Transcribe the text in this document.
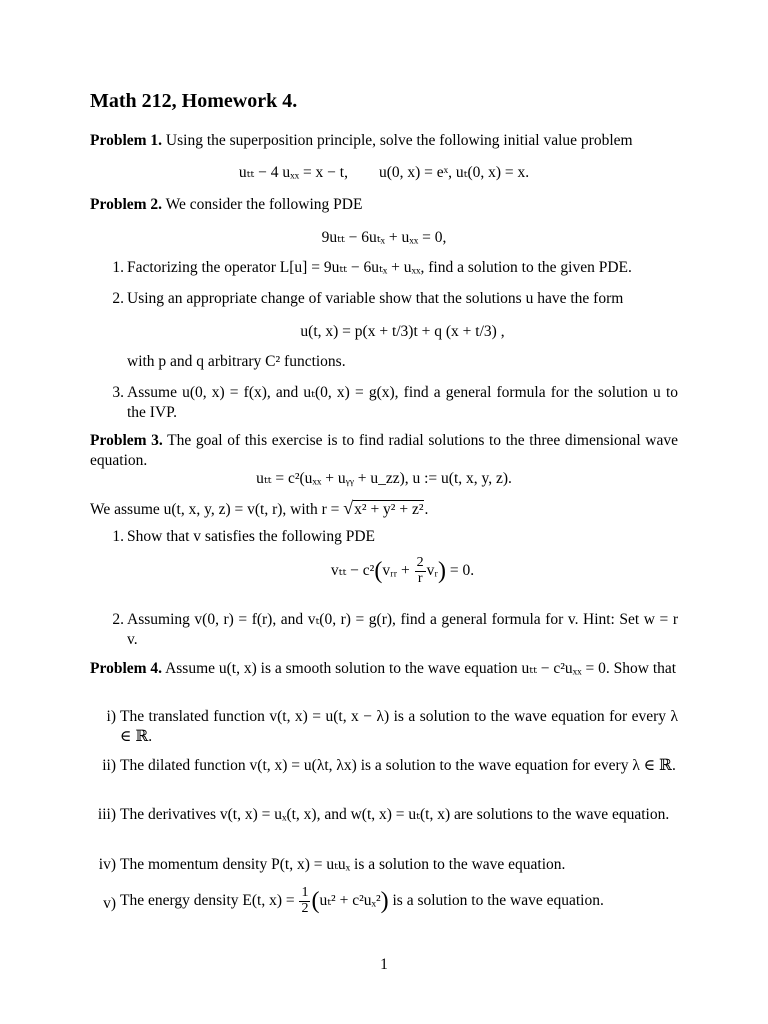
Math 212, Homework 4.
Problem 1. Using the superposition principle, solve the following initial value problem
uₜₜ − 4 uₓₓ = x − t,        u(0, x) = eˣ, uₜ(0, x) = x.
Problem 2. We consider the following PDE
9uₜₜ − 6uₜₓ + uₓₓ = 0,
1. Factorizing the operator L[u] = 9uₜₜ − 6uₜₓ + uₓₓ, find a solution to the given PDE.
2. Using an appropriate change of variable show that the solutions u have the form
u(t, x) = p(x + t/3)t + q (x + t/3) ,
with p and q arbitrary C² functions.
3. Assume u(0, x) = f(x), and uₜ(0, x) = g(x), find a general formula for the solution u to the IVP.
Problem 3. The goal of this exercise is to find radial solutions to the three dimensional wave equation.
uₜₜ = c²(uₓₓ + uᵧᵧ + u_zz), u := u(t, x, y, z).
We assume u(t, x, y, z) = v(t, r), with r = √x² + y² + z².
1. Show that v satisfies the following PDE
vₜₜ − c²(vᵣᵣ + $\frac{2}{r}$ vᵣ) = 0.
2. Assuming v(0, r) = f(r), and vₜ(0, r) = g(r), find a general formula for v. Hint: Set w = r v.
Problem 4. Assume u(t, x) is a smooth solution to the wave equation uₜₜ − c²uₓₓ = 0. Show that
i) The translated function v(t, x) = u(t, x − λ) is a solution to the wave equation for every λ ∈ ℝ.
ii) The dilated function v(t, x) = u(λt, λx) is a solution to the wave equation for every λ ∈ ℝ.
iii) The derivatives v(t, x) = uₓ(t, x), and w(t, x) = uₜ(t, x) are solutions to the wave equation.
iv) The momentum density P(t, x) = uₜuₓ is a solution to the wave equation.
v) The energy density E(t, $x) = \frac{1}{2} (u_t^2 + c^2u_x^2)$ is a solution to the wave equation.
1
